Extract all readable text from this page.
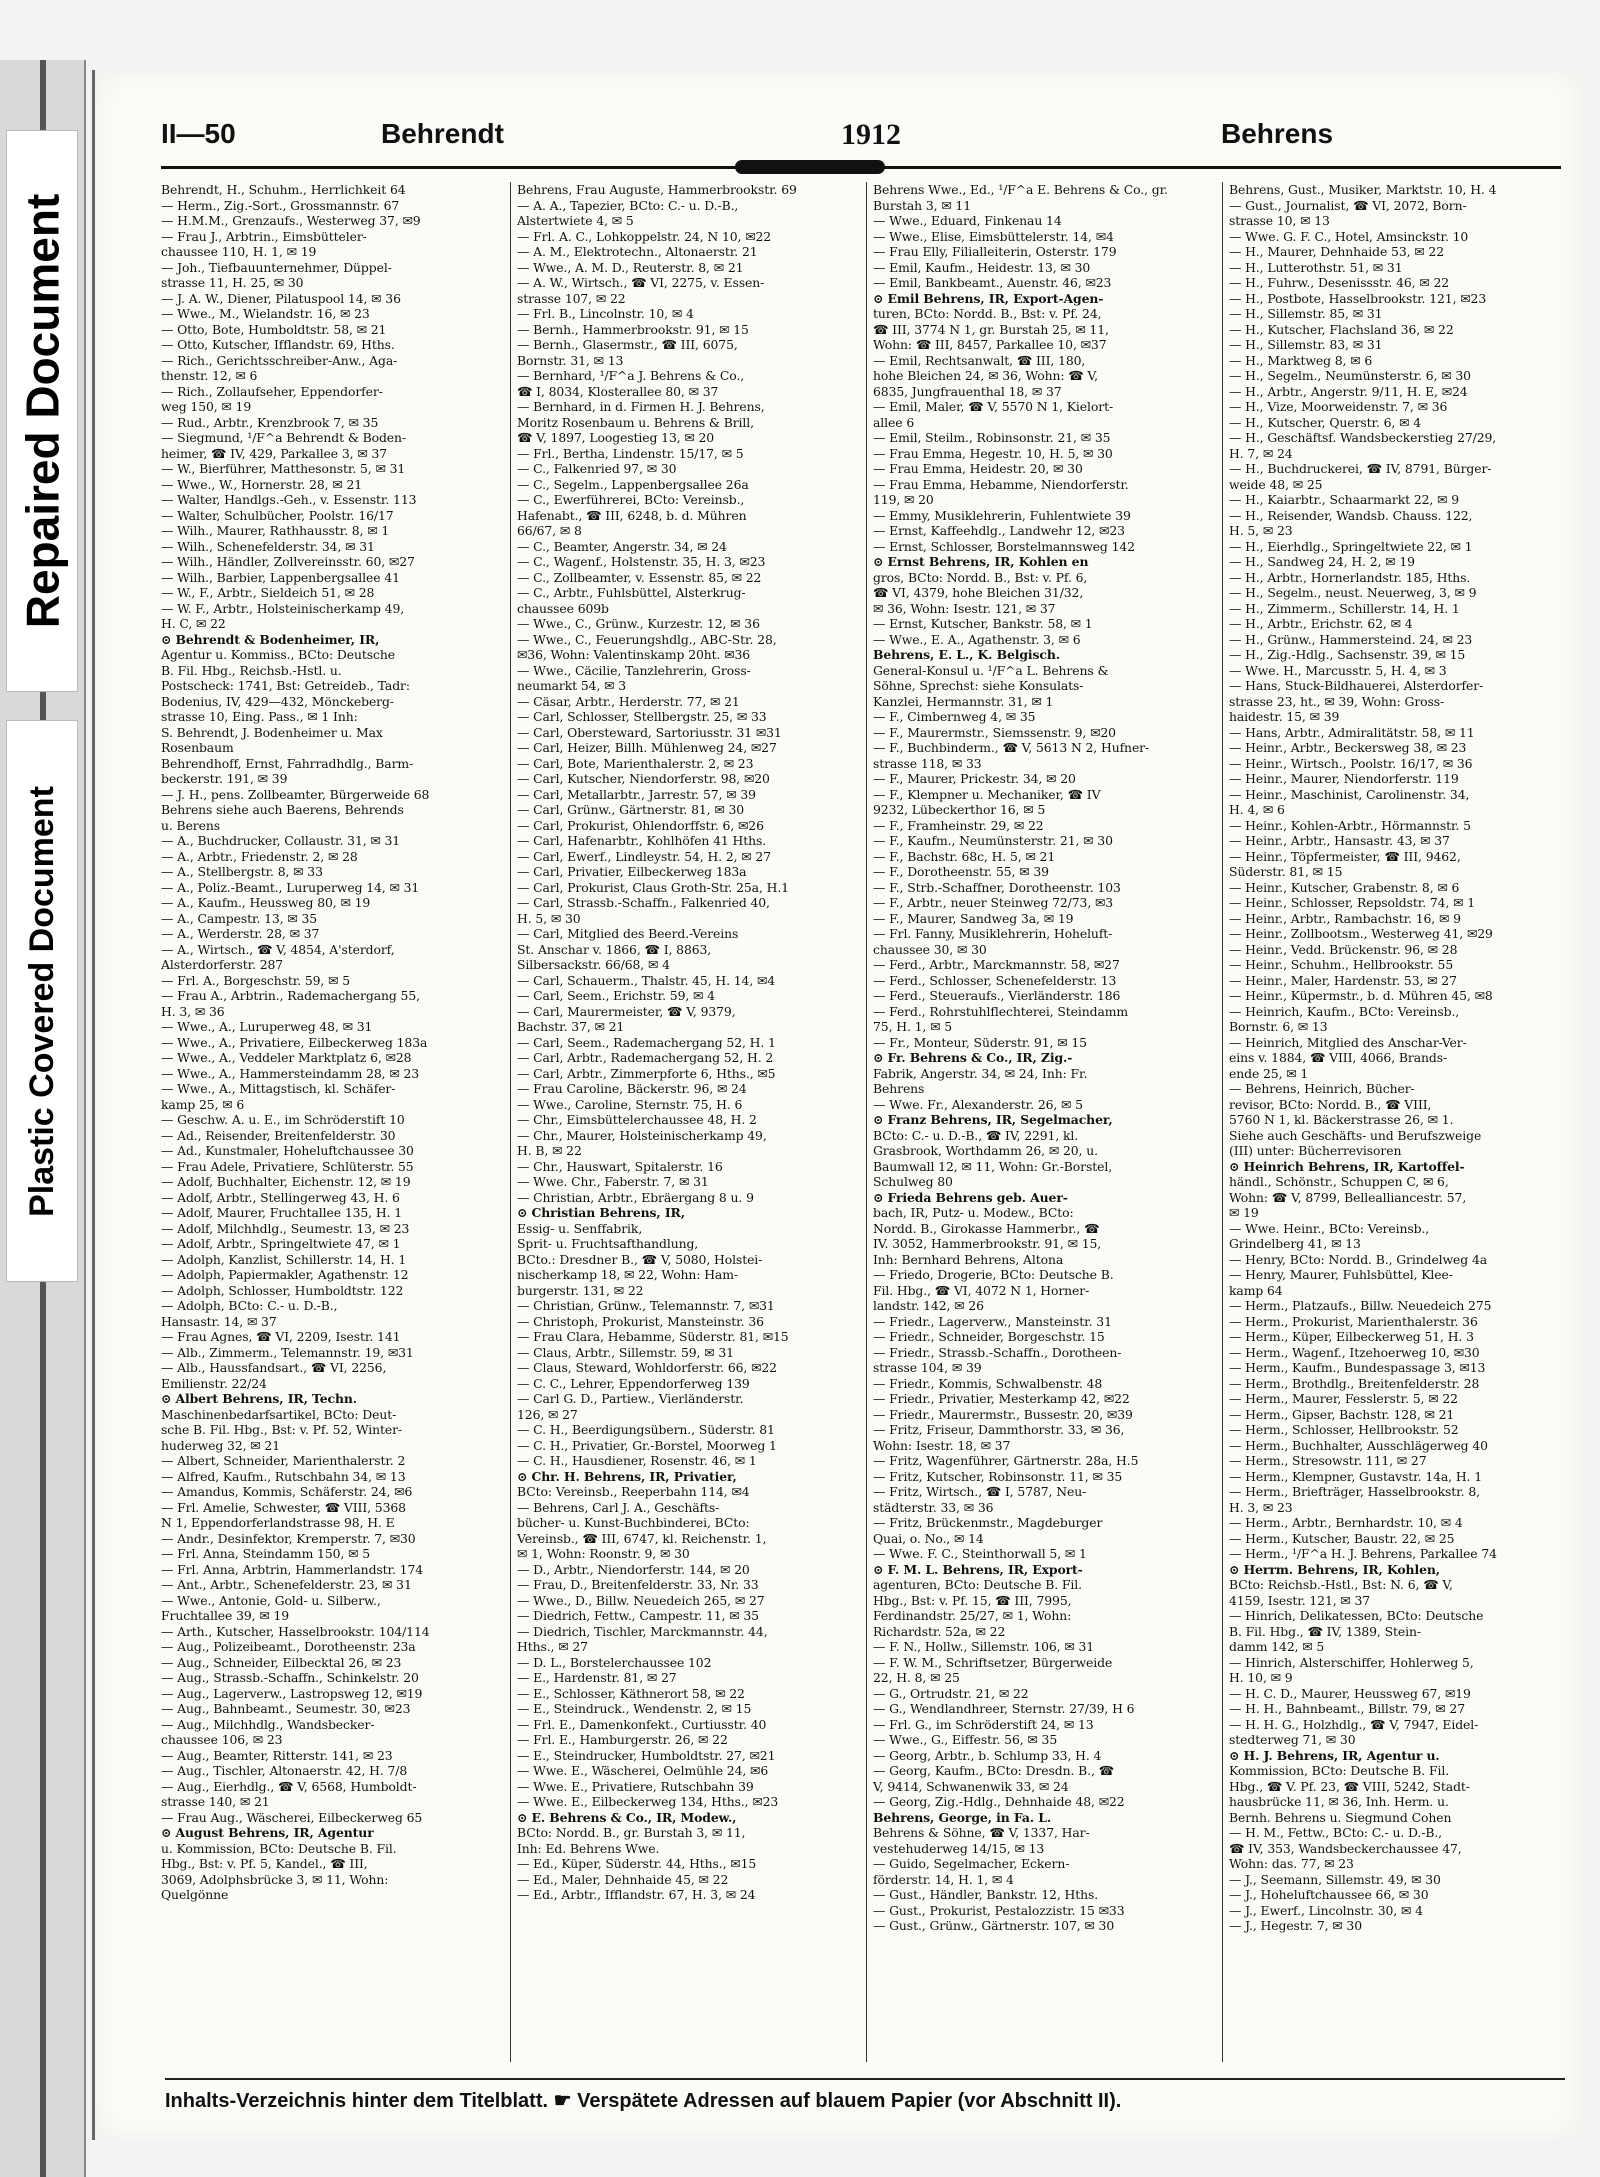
Repaired Document
Plastic Covered Document
II—50	Behrendt	1912	Behrens

Behrendt, H., Schuhm., Herrlichkeit 64

— Herm., Zig.-Sort., Grossmannstr. 67

— H.M.M., Grenzaufs., Westerweg 37, ✉9

— Frau J., Arbtrin., Eimsbütteler-

chaussee 110, H. 1, ✉ 19

— Joh., Tiefbauunternehmer, Düppel-

strasse 11, H. 25, ✉ 30

— J. A. W., Diener, Pilatuspool 14, ✉ 36

— Wwe., M., Wielandstr. 16, ✉ 23

— Otto, Bote, Humboldtstr. 58, ✉ 21

— Otto, Kutscher, Ifflandstr. 69, Hths.

— Rich., Gerichtsschreiber-Anw., Aga-

thenstr. 12, ✉ 6

— Rich., Zollaufseher, Eppendorfer-

weg 150, ✉ 19

— Rud., Arbtr., Krenzbrook 7, ✉ 35

— Siegmund, ¹/F^a Behrendt & Boden-

heimer, ☎ IV, 429, Parkallee 3, ✉ 37

— W., Bierführer, Matthesonstr. 5, ✉ 31

— Wwe., W., Hornerstr. 28, ✉ 21

— Walter, Handlgs.-Geh., v. Essenstr. 113

— Walter, Schulbücher, Poolstr. 16/17

— Wilh., Maurer, Rathhausstr. 8, ✉ 1

— Wilh., Schenefelderstr. 34, ✉ 31

— Wilh., Händler, Zollvereinsstr. 60, ✉27

— Wilh., Barbier, Lappenbergsallee 41

— W., F., Arbtr., Sieldeich 51, ✉ 28

— W. F., Arbtr., Holsteinischerkamp 49,

H. C, ✉ 22

⊙ Behrendt & Bodenheimer, IR,

Agentur u. Kommiss., BCto: Deutsche

B. Fil. Hbg., Reichsb.-Hstl. u.

Postscheck: 1741, Bst: Getreideb., Tadr:

Bodenius, IV, 429—432, Mönckeberg-

strasse 10, Eing. Pass., ✉ 1 Inh:

S. Behrendt, J. Bodenheimer u. Max

Rosenbaum

Behrendhoff, Ernst, Fahrradhdlg., Barm-

beckerstr. 191, ✉ 39

— J. H., pens. Zollbeamter, Bürgerweide 68

Behrens siehe auch Baerens, Behrends

u. Berens

— A., Buchdrucker, Collaustr. 31, ✉ 31

— A., Arbtr., Friedenstr. 2, ✉ 28

— A., Stellbergstr. 8, ✉ 33

— A., Poliz.-Beamt., Luruperweg 14, ✉ 31

— A., Kaufm., Heussweg 80, ✉ 19

— A., Campestr. 13, ✉ 35

— A., Werderstr. 28, ✉ 37

— A., Wirtsch., ☎ V, 4854, A'sterdorf,

Alsterdorferstr. 287

— Frl. A., Borgeschstr. 59, ✉ 5

— Frau A., Arbtrin., Rademachergang 55,

H. 3, ✉ 36

— Wwe., A., Luruperweg 48, ✉ 31

— Wwe., A., Privatiere, Eilbeckerweg 183a

— Wwe., A., Veddeler Marktplatz 6, ✉28

— Wwe., A., Hammersteindamm 28, ✉ 23

— Wwe., A., Mittagstisch, kl. Schäfer-

kamp 25, ✉ 6

— Geschw. A. u. E., im Schröderstift 10

— Ad., Reisender, Breitenfelderstr. 30

— Ad., Kunstmaler, Hoheluftchaussee 30

— Frau Adele, Privatiere, Schlüterstr. 55

— Adolf, Buchhalter, Eichenstr. 12, ✉ 19

— Adolf, Arbtr., Stellingerweg 43, H. 6

— Adolf, Maurer, Fruchtallee 135, H. 1

— Adolf, Milchhdlg., Seumestr. 13, ✉ 23

— Adolf, Arbtr., Springeltwiete 47, ✉ 1

— Adolph, Kanzlist, Schillerstr. 14, H. 1

— Adolph, Papiermakler, Agathenstr. 12

— Adolph, Schlosser, Humboldtstr. 122

— Adolph, BCto: C.- u. D.-B.,

Hansastr. 14, ✉ 37

— Frau Agnes, ☎ VI, 2209, Isestr. 141

— Alb., Zimmerm., Telemannstr. 19, ✉31

— Alb., Haussfandsart., ☎ VI, 2256,

Emilienstr. 22/24

⊙ Albert Behrens, IR, Techn.

Maschinenbedarfsartikel, BCto: Deut-

sche B. Fil. Hbg., Bst: v. Pf. 52, Winter-

huderweg 32, ✉ 21

— Albert, Schneider, Marienthalerstr. 2

— Alfred, Kaufm., Rutschbahn 34, ✉ 13

— Amandus, Kommis, Schäferstr. 24, ✉6

— Frl. Amelie, Schwester, ☎ VIII, 5368

N 1, Eppendorferlandstrasse 98, H. E

— Andr., Desinfektor, Kremperstr. 7, ✉30

— Frl. Anna, Steindamm 150, ✉ 5

— Frl. Anna, Arbtrin, Hammerlandstr. 174

— Ant., Arbtr., Schenefelderstr. 23, ✉ 31

— Wwe., Antonie, Gold- u. Silberw.,

Fruchtallee 39, ✉ 19

— Arth., Kutscher, Hasselbrookstr. 104/114

— Aug., Polizeibeamt., Dorotheenstr. 23a

— Aug., Schneider, Eilbecktal 26, ✉ 23

— Aug., Strassb.-Schaffn., Schinkelstr. 20

— Aug., Lagerverw., Lastropsweg 12, ✉19

— Aug., Bahnbeamt., Seumestr. 30, ✉23

— Aug., Milchhdlg., Wandsbecker-

chaussee 106, ✉ 23

— Aug., Beamter, Ritterstr. 141, ✉ 23

— Aug., Tischler, Altonaerstr. 42, H. 7/8

— Aug., Eierhdlg., ☎ V, 6568, Humboldt-

strasse 140, ✉ 21

— Frau Aug., Wäscherei, Eilbeckerweg 65

⊙ August Behrens, IR, Agentur

u. Kommission, BCto: Deutsche B. Fil.

Hbg., Bst: v. Pf. 5, Kandel., ☎ III,

3069, Adolphsbrücke 3, ✉ 11, Wohn:

Quelgönne

Behrens, Frau Auguste, Hammerbrookstr. 69

— A. A., Tapezier, BCto: C.- u. D.-B.,

Alstertwiete 4, ✉ 5

— Frl. A. C., Lohkoppelstr. 24, N 10, ✉22

— A. M., Elektrotechn., Altonaerstr. 21

— Wwe., A. M. D., Reuterstr. 8, ✉ 21

— A. W., Wirtsch., ☎ VI, 2275, v. Essen-

strasse 107, ✉ 22

— Frl. B., Lincolnstr. 10, ✉ 4

— Bernh., Hammerbrookstr. 91, ✉ 15

— Bernh., Glasermstr., ☎ III, 6075,

Bornstr. 31, ✉ 13

— Bernhard, ¹/F^a J. Behrens & Co.,

☎ I, 8034, Klosterallee 80, ✉ 37

— Bernhard, in d. Firmen H. J. Behrens,

Moritz Rosenbaum u. Behrens & Brill,

☎ V, 1897, Loogestieg 13, ✉ 20

— Frl., Bertha, Lindenstr. 15/17, ✉ 5

— C., Falkenried 97, ✉ 30

— C., Segelm., Lappenbergsallee 26a

— C., Ewerführerei, BCto: Vereinsb.,

Hafenabt., ☎ III, 6248, b. d. Mühren

66/67, ✉ 8

— C., Beamter, Angerstr. 34, ✉ 24

— C., Wagenf., Holstenstr. 35, H. 3, ✉23

— C., Zollbeamter, v. Essenstr. 85, ✉ 22

— C., Arbtr., Fuhlsbüttel, Alsterkrug-

chaussee 609b

— Wwe., C., Grünw., Kurzestr. 12, ✉ 36

— Wwe., C., Feuerungshdlg., ABC-Str. 28,

✉36, Wohn: Valentinskamp 20ht. ✉36

— Wwe., Cäcilie, Tanzlehrerin, Gross-

neumarkt 54, ✉ 3

— Cäsar, Arbtr., Herderstr. 77, ✉ 21

— Carl, Schlosser, Stellbergstr. 25, ✉ 33

— Carl, Obersteward, Sartoriusstr. 31 ✉31

— Carl, Heizer, Billh. Mühlenweg 24, ✉27

— Carl, Bote, Marienthalerstr. 2, ✉ 23

— Carl, Kutscher, Niendorferstr. 98, ✉20

— Carl, Metallarbtr., Jarrestr. 57, ✉ 39

— Carl, Grünw., Gärtnerstr. 81, ✉ 30

— Carl, Prokurist, Ohlendorffstr. 6, ✉26

— Carl, Hafenarbtr., Kohlhöfen 41 Hths.

— Carl, Ewerf., Lindleystr. 54, H. 2, ✉ 27

— Carl, Privatier, Eilbeckerweg 183a

— Carl, Prokurist, Claus Groth-Str. 25a, H.1

— Carl, Strassb.-Schaffn., Falkenried 40,

H. 5, ✉ 30

— Carl, Mitglied des Beerd.-Vereins

St. Anschar v. 1866, ☎ I, 8863,

Silbersackstr. 66/68, ✉ 4

— Carl, Schauerm., Thalstr. 45, H. 14, ✉4

— Carl, Seem., Erichstr. 59, ✉ 4

— Carl, Maurermeister, ☎ V, 9379,

Bachstr. 37, ✉ 21

— Carl, Seem., Rademachergang 52, H. 1

— Carl, Arbtr., Rademachergang 52, H. 2

— Carl, Arbtr., Zimmerpforte 6, Hths., ✉5

— Frau Caroline, Bäckerstr. 96, ✉ 24

— Wwe., Caroline, Sternstr. 75, H. 6

— Chr., Eimsbüttelerchaussee 48, H. 2

— Chr., Maurer, Holsteinischerkamp 49,

H. B, ✉ 22

— Chr., Hauswart, Spitalerstr. 16

— Wwe. Chr., Faberstr. 7, ✉ 31

— Christian, Arbtr., Ebräergang 8 u. 9

⊙ Christian Behrens, IR,

Essig- u. Senffabrik,

Sprit- u. Fruchtsafthandlung,

BCto.: Dresdner B., ☎ V, 5080, Holstei-

nischerkamp 18, ✉ 22, Wohn: Ham-

burgerstr. 131, ✉ 22

— Christian, Grünw., Telemannstr. 7, ✉31

— Christoph, Prokurist, Mansteinstr. 36

— Frau Clara, Hebamme, Süderstr. 81, ✉15

— Claus, Arbtr., Sillemstr. 59, ✉ 31

— Claus, Steward, Wohldorferstr. 66, ✉22

— C. C., Lehrer, Eppendorferweg 139

— Carl G. D., Partiew., Vierländerstr.

126, ✉ 27

— C. H., Beerdigungsübern., Süderstr. 81

— C. H., Privatier, Gr.-Borstel, Moorweg 1

— C. H., Hausdiener, Rosenstr. 46, ✉ 1

⊙ Chr. H. Behrens, IR, Privatier,

BCto: Vereinsb., Reeperbahn 114, ✉4

— Behrens, Carl J. A., Geschäfts-

bücher- u. Kunst-Buchbinderei, BCto:

Vereinsb., ☎ III, 6747, kl. Reichenstr. 1,

✉ 1, Wohn: Roonstr. 9, ✉ 30

— D., Arbtr., Niendorferstr. 144, ✉ 20

— Frau, D., Breitenfelderstr. 33, Nr. 33

— Wwe., D., Billw. Neuedeich 265, ✉ 27

— Diedrich, Fettw., Campestr. 11, ✉ 35

— Diedrich, Tischler, Marckmannstr. 44,

Hths., ✉ 27

— D. L., Borstelerchaussee 102

— E., Hardenstr. 81, ✉ 27

— E., Schlosser, Käthnerort 58, ✉ 22

— E., Steindruck., Wendenstr. 2, ✉ 15

— Frl. E., Damenkonfekt., Curtiusstr. 40

— Frl. E., Hamburgerstr. 26, ✉ 22

— E., Steindrucker, Humboldtstr. 27, ✉21

— Wwe. E., Wäscherei, Oelmühle 24, ✉6

— Wwe. E., Privatiere, Rutschbahn 39

— Wwe. E., Eilbeckerweg 134, Hths., ✉23

⊙ E. Behrens & Co., IR, Modew.,

BCto: Nordd. B., gr. Burstah 3, ✉ 11,

Inh: Ed. Behrens Wwe.

— Ed., Küper, Süderstr. 44, Hths., ✉15

— Ed., Maler, Dehnhaide 45, ✉ 22

— Ed., Arbtr., Ifflandstr. 67, H. 3, ✉ 24

Behrens Wwe., Ed., ¹/F^a E. Behrens & Co., gr.

Burstah 3, ✉ 11

— Wwe., Eduard, Finkenau 14

— Wwe., Elise, Eimsbüttelerstr. 14, ✉4

— Frau Elly, Filialleiterin, Osterstr. 179

— Emil, Kaufm., Heidestr. 13, ✉ 30

— Emil, Bankbeamt., Auenstr. 46, ✉23

⊙ Emil Behrens, IR, Export-Agen-

turen, BCto: Nordd. B., Bst: v. Pf. 24,

☎ III, 3774 N 1, gr. Burstah 25, ✉ 11,

Wohn: ☎ III, 8457, Parkallee 10, ✉37

— Emil, Rechtsanwalt, ☎ III, 180,

hohe Bleichen 24, ✉ 36, Wohn: ☎ V,

6835, Jungfrauenthal 18, ✉ 37

— Emil, Maler, ☎ V, 5570 N 1, Kielort-

allee 6

— Emil, Steilm., Robinsonstr. 21, ✉ 35

— Frau Emma, Hegestr. 10, H. 5, ✉ 30

— Frau Emma, Heidestr. 20, ✉ 30

— Frau Emma, Hebamme, Niendorferstr.

119, ✉ 20

— Emmy, Musiklehrerin, Fuhlentwiete 39

— Ernst, Kaffeehdlg., Landwehr 12, ✉23

— Ernst, Schlosser, Borstelmannsweg 142

⊙ Ernst Behrens, IR, Kohlen en

gros, BCto: Nordd. B., Bst: v. Pf. 6,

☎ VI, 4379, hohe Bleichen 31/32,

✉ 36, Wohn: Isestr. 121, ✉ 37

— Ernst, Kutscher, Bankstr. 58, ✉ 1

— Wwe., E. A., Agathenstr. 3, ✉ 6

Behrens, E. L., K. Belgisch.

General-Konsul u. ¹/F^a L. Behrens &

Söhne, Sprechst: siehe Konsulats-

Kanzlei, Hermannstr. 31, ✉ 1

— F., Cimbernweg 4, ✉ 35

— F., Maurermstr., Siemssenstr. 9, ✉20

— F., Buchbinderm., ☎ V, 5613 N 2, Hufner-

strasse 118, ✉ 33

— F., Maurer, Prickestr. 34, ✉ 20

— F., Klempner u. Mechaniker, ☎ IV

9232, Lübeckerthor 16, ✉ 5

— F., Framheinstr. 29, ✉ 22

— F., Kaufm., Neumünsterstr. 21, ✉ 30

— F., Bachstr. 68c, H. 5, ✉ 21

— F., Dorotheenstr. 55, ✉ 39

— F., Strb.-Schaffner, Dorotheenstr. 103

— F., Arbtr., neuer Steinweg 72/73, ✉3

— F., Maurer, Sandweg 3a, ✉ 19

— Frl. Fanny, Musiklehrerin, Hoheluft-

chaussee 30, ✉ 30

— Ferd., Arbtr., Marckmannstr. 58, ✉27

— Ferd., Schlosser, Schenefelderstr. 13

— Ferd., Steueraufs., Vierländerstr. 186

— Ferd., Rohrstuhlflechterei, Steindamm

75, H. 1, ✉ 5

— Fr., Monteur, Süderstr. 91, ✉ 15

⊙ Fr. Behrens & Co., IR, Zig.-

Fabrik, Angerstr. 34, ✉ 24, Inh: Fr.

Behrens

— Wwe. Fr., Alexanderstr. 26, ✉ 5

⊙ Franz Behrens, IR, Segelmacher,

BCto: C.- u. D.-B., ☎ IV, 2291, kl.

Grasbrook, Worthdamm 26, ✉ 20, u.

Baumwall 12, ✉ 11, Wohn: Gr.-Borstel,

Schulweg 80

⊙ Frieda Behrens geb. Auer-

bach, IR, Putz- u. Modew., BCto:

Nordd. B., Girokasse Hammerbr., ☎

IV. 3052, Hammerbrookstr. 91, ✉ 15,

Inh: Bernhard Behrens, Altona

— Friedo, Drogerie, BCto: Deutsche B.

Fil. Hbg., ☎ VI, 4072 N 1, Horner-

landstr. 142, ✉ 26

— Friedr., Lagerverw., Mansteinstr. 31

— Friedr., Schneider, Borgeschstr. 15

— Friedr., Strassb.-Schaffn., Dorotheen-

strasse 104, ✉ 39

— Friedr., Kommis, Schwalbenstr. 48

— Friedr., Privatier, Mesterkamp 42, ✉22

— Friedr., Maurermstr., Bussestr. 20, ✉39

— Fritz, Friseur, Dammthorstr. 33, ✉ 36,

Wohn: Isestr. 18, ✉ 37

— Fritz, Wagenführer, Gärtnerstr. 28a, H.5

— Fritz, Kutscher, Robinsonstr. 11, ✉ 35

— Fritz, Wirtsch., ☎ I, 5787, Neu-

städterstr. 33, ✉ 36

— Fritz, Brückenmstr., Magdeburger

Quai, o. No., ✉ 14

— Wwe. F. C., Steinthorwall 5, ✉ 1

⊙ F. M. L. Behrens, IR, Export-

agenturen, BCto: Deutsche B. Fil.

Hbg., Bst: v. Pf. 15, ☎ III, 7995,

Ferdinandstr. 25/27, ✉ 1, Wohn:

Richardstr. 52a, ✉ 22

— F. N., Hollw., Sillemstr. 106, ✉ 31

— F. W. M., Schriftsetzer, Bürgerweide

22, H. 8, ✉ 25

— G., Ortrudstr. 21, ✉ 22

— G., Wendlandhreer, Sternstr. 27/39, H 6

— Frl. G., im Schröderstift 24, ✉ 13

— Wwe., G., Eiffestr. 56, ✉ 35

— Georg, Arbtr., b. Schlump 33, H. 4

— Georg, Kaufm., BCto: Dresdn. B., ☎

V, 9414, Schwanenwik 33, ✉ 24

— Georg, Zig.-Hdlg., Dehnhaide 48, ✉22

Behrens, George, in Fa. L.

Behrens & Söhne, ☎ V, 1337, Har-

vestehuderweg 14/15, ✉ 13

— Guido, Segelmacher, Eckern-

förderstr. 14, H. 1, ✉ 4

— Gust., Händler, Bankstr. 12, Hths.

— Gust., Prokurist, Pestalozzistr. 15 ✉33

— Gust., Grünw., Gärtnerstr. 107, ✉ 30

Behrens, Gust., Musiker, Marktstr. 10, H. 4

— Gust., Journalist, ☎ VI, 2072, Born-

strasse 10, ✉ 13

— Wwe. G. F. C., Hotel, Amsinckstr. 10

— H., Maurer, Dehnhaide 53, ✉ 22

— H., Lutterothstr. 51, ✉ 31

— H., Fuhrw., Desenissstr. 46, ✉ 22

— H., Postbote, Hasselbrookstr. 121, ✉23

— H., Sillemstr. 85, ✉ 31

— H., Kutscher, Flachsland 36, ✉ 22

— H., Sillemstr. 83, ✉ 31

— H., Marktweg 8, ✉ 6

— H., Segelm., Neumünsterstr. 6, ✉ 30

— H., Arbtr., Angerstr. 9/11, H. E, ✉24

— H., Vize, Moorweidenstr. 7, ✉ 36

— H., Kutscher, Querstr. 6, ✉ 4

— H., Geschäftsf. Wandsbeckerstieg 27/29,

H. 7, ✉ 24

— H., Buchdruckerei, ☎ IV, 8791, Bürger-

weide 48, ✉ 25

— H., Kaiarbtr., Schaarmarkt 22, ✉ 9

— H., Reisender, Wandsb. Chauss. 122,

H. 5, ✉ 23

— H., Eierhdlg., Springeltwiete 22, ✉ 1

— H., Sandweg 24, H. 2, ✉ 19

— H., Arbtr., Hornerlandstr. 185, Hths.

— H., Segelm., neust. Neuerweg, 3, ✉ 9

— H., Zimmerm., Schillerstr. 14, H. 1

— H., Arbtr., Erichstr. 62, ✉ 4

— H., Grünw., Hammersteind. 24, ✉ 23

— H., Zig.-Hdlg., Sachsenstr. 39, ✉ 15

— Wwe. H., Marcusstr. 5, H. 4, ✉ 3

— Hans, Stuck-Bildhauerei, Alsterdorfer-

strasse 23, ht., ✉ 39, Wohn: Gross-

haidestr. 15, ✉ 39

— Hans, Arbtr., Admiralitätstr. 58, ✉ 11

— Heinr., Arbtr., Beckersweg 38, ✉ 23

— Heinr., Wirtsch., Poolstr. 16/17, ✉ 36

— Heinr., Maurer, Niendorferstr. 119

— Heinr., Maschinist, Carolinenstr. 34,

H. 4, ✉ 6

— Heinr., Kohlen-Arbtr., Hörmannstr. 5

— Heinr., Arbtr., Hansastr. 43, ✉ 37

— Heinr., Töpfermeister, ☎ III, 9462,

Süderstr. 81, ✉ 15

— Heinr., Kutscher, Grabenstr. 8, ✉ 6

— Heinr., Schlosser, Repsoldstr. 74, ✉ 1

— Heinr., Arbtr., Rambachstr. 16, ✉ 9

— Heinr., Zollbootsm., Westerweg 41, ✉29

— Heinr., Vedd. Brückenstr. 96, ✉ 28

— Heinr., Schuhm., Hellbrookstr. 55

— Heinr., Maler, Hardenstr. 53, ✉ 27

— Heinr., Küpermstr., b. d. Mühren 45, ✉8

— Heinrich, Kaufm., BCto: Vereinsb.,

Bornstr. 6, ✉ 13

— Heinrich, Mitglied des Anschar-Ver-

eins v. 1884, ☎ VIII, 4066, Brands-

ende 25, ✉ 1

— Behrens, Heinrich, Bücher-

revisor, BCto: Nordd. B., ☎ VIII,

5760 N 1, kl. Bäckerstrasse 26, ✉ 1.

Siehe auch Geschäfts- und Berufszweige

(III) unter: Bücherrevisoren

⊙ Heinrich Behrens, IR, Kartoffel-

händl., Schönstr., Schuppen C, ✉ 6,

Wohn: ☎ V, 8799, Bellealliancestr. 57,

✉ 19

— Wwe. Heinr., BCto: Vereinsb.,

Grindelberg 41, ✉ 13

— Henry, BCto: Nordd. B., Grindelweg 4a

— Henry, Maurer, Fuhlsbüttel, Klee-

kamp 64

— Herm., Platzaufs., Billw. Neuedeich 275

— Herm., Prokurist, Marienthalerstr. 36

— Herm., Küper, Eilbeckerweg 51, H. 3

— Herm., Wagenf., Itzehoerweg 10, ✉30

— Herm., Kaufm., Bundespassage 3, ✉13

— Herm., Brothdlg., Breitenfelderstr. 28

— Herm., Maurer, Fesslerstr. 5, ✉ 22

— Herm., Gipser, Bachstr. 128, ✉ 21

— Herm., Schlosser, Hellbrookstr. 52

— Herm., Buchhalter, Ausschlägerweg 40

— Herm., Stresowstr. 111, ✉ 27

— Herm., Klempner, Gustavstr. 14a, H. 1

— Herm., Briefträger, Hasselbrookstr. 8,

H. 3, ✉ 23

— Herm., Arbtr., Bernhardstr. 10, ✉ 4

— Herm., Kutscher, Baustr. 22, ✉ 25

— Herm., ¹/F^a H. J. Behrens, Parkallee 74

⊙ Herrm. Behrens, IR, Kohlen,

BCto: Reichsb.-Hstl., Bst: N. 6, ☎ V,

4159, Isestr. 121, ✉ 37

— Hinrich, Delikatessen, BCto: Deutsche

B. Fil. Hbg., ☎ IV, 1389, Stein-

damm 142, ✉ 5

— Hinrich, Alsterschiffer, Hohlerweg 5,

H. 10, ✉ 9

— H. C. D., Maurer, Heussweg 67, ✉19

— H. H., Bahnbeamt., Billstr. 79, ✉ 27

— H. H. G., Holzhdlg., ☎ V, 7947, Eidel-

stedterweg 71, ✉ 30

⊙ H. J. Behrens, IR, Agentur u.

Kommission, BCto: Deutsche B. Fil.

Hbg., ☎ V. Pf. 23, ☎ VIII, 5242, Stadt-

hausbrücke 11, ✉ 36, Inh. Herm. u.

Bernh. Behrens u. Siegmund Cohen

— H. M., Fettw., BCto: C.- u. D.-B.,

☎ IV, 353, Wandsbeckerchaussee 47,

Wohn: das. 77, ✉ 23

— J., Seemann, Sillemstr. 49, ✉ 30

— J., Hoheluftchaussee 66, ✉ 30

— J., Ewerf., Lincolnstr. 30, ✉ 4

— J., Hegestr. 7, ✉ 30

Inhalts-Verzeichnis hinter dem Titelblatt. ☛ Verspätete Adressen auf blauem Papier (vor Abschnitt II).
